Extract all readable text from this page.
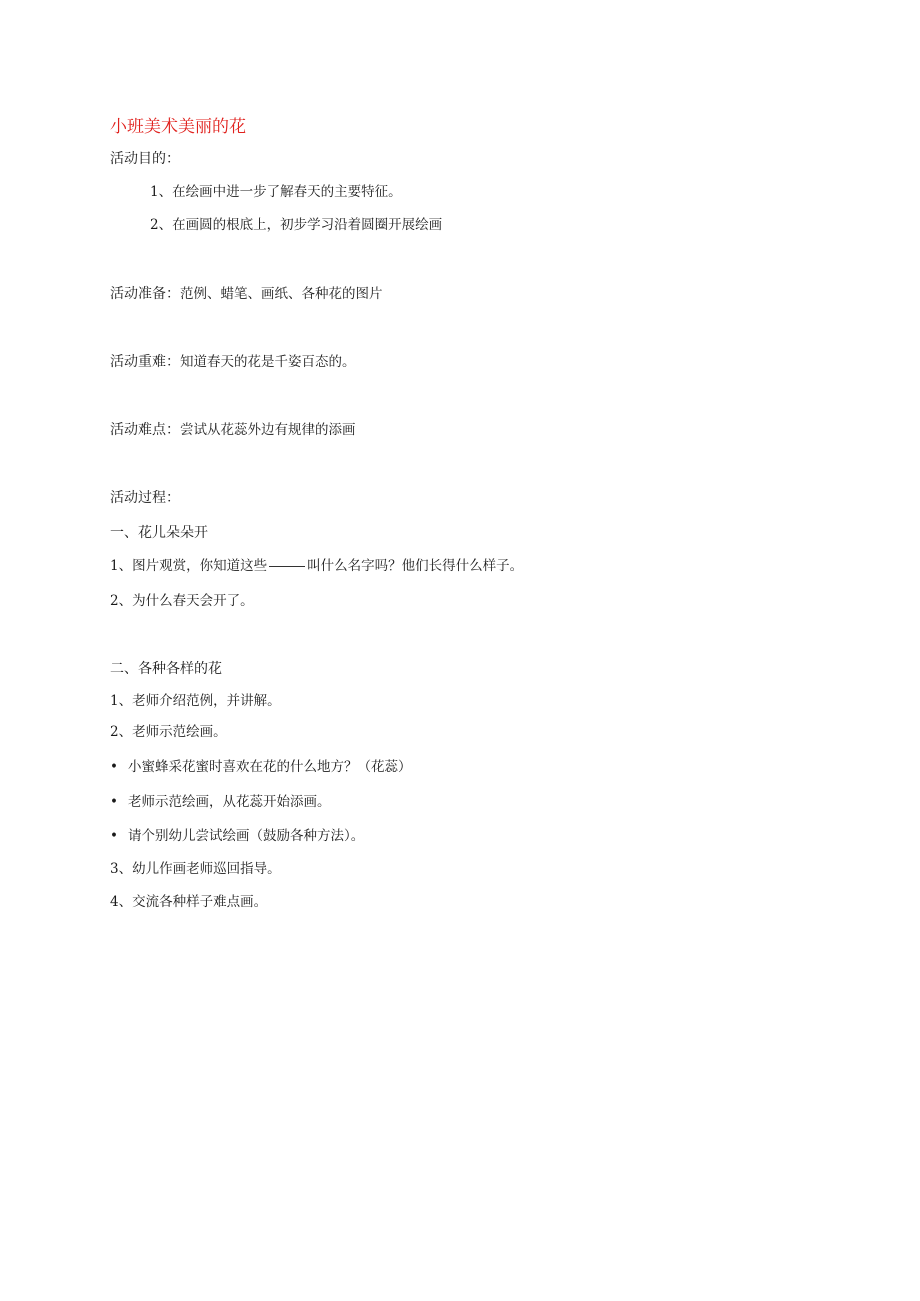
小班美术美丽的花
活动目的：
1、在绘画中进一步了解春天的主要特征。
2、在画圆的根底上，初步学习沿着圆圈开展绘画
活动准备：范例、蜡笔、画纸、各种花的图片
活动重难：知道春天的花是千姿百态的。
活动难点：尝试从花蕊外边有规律的添画
活动过程：
一、花儿朵朵开
1、图片观赏，你知道这些	叫什么名字吗？他们长得什么样子。
2、为什么春天会开了。
二、各种各样的花
1、老师介绍范例，并讲解。
2、老师示范绘画。
• 小蜜蜂采花蜜时喜欢在花的什么地方？（花蕊）
• 老师示范绘画，从花蕊开始添画。
• 请个别幼儿尝试绘画（鼓励各种方法）。
3、幼儿作画老师巡回指导。
4、交流各种样子难点画。
